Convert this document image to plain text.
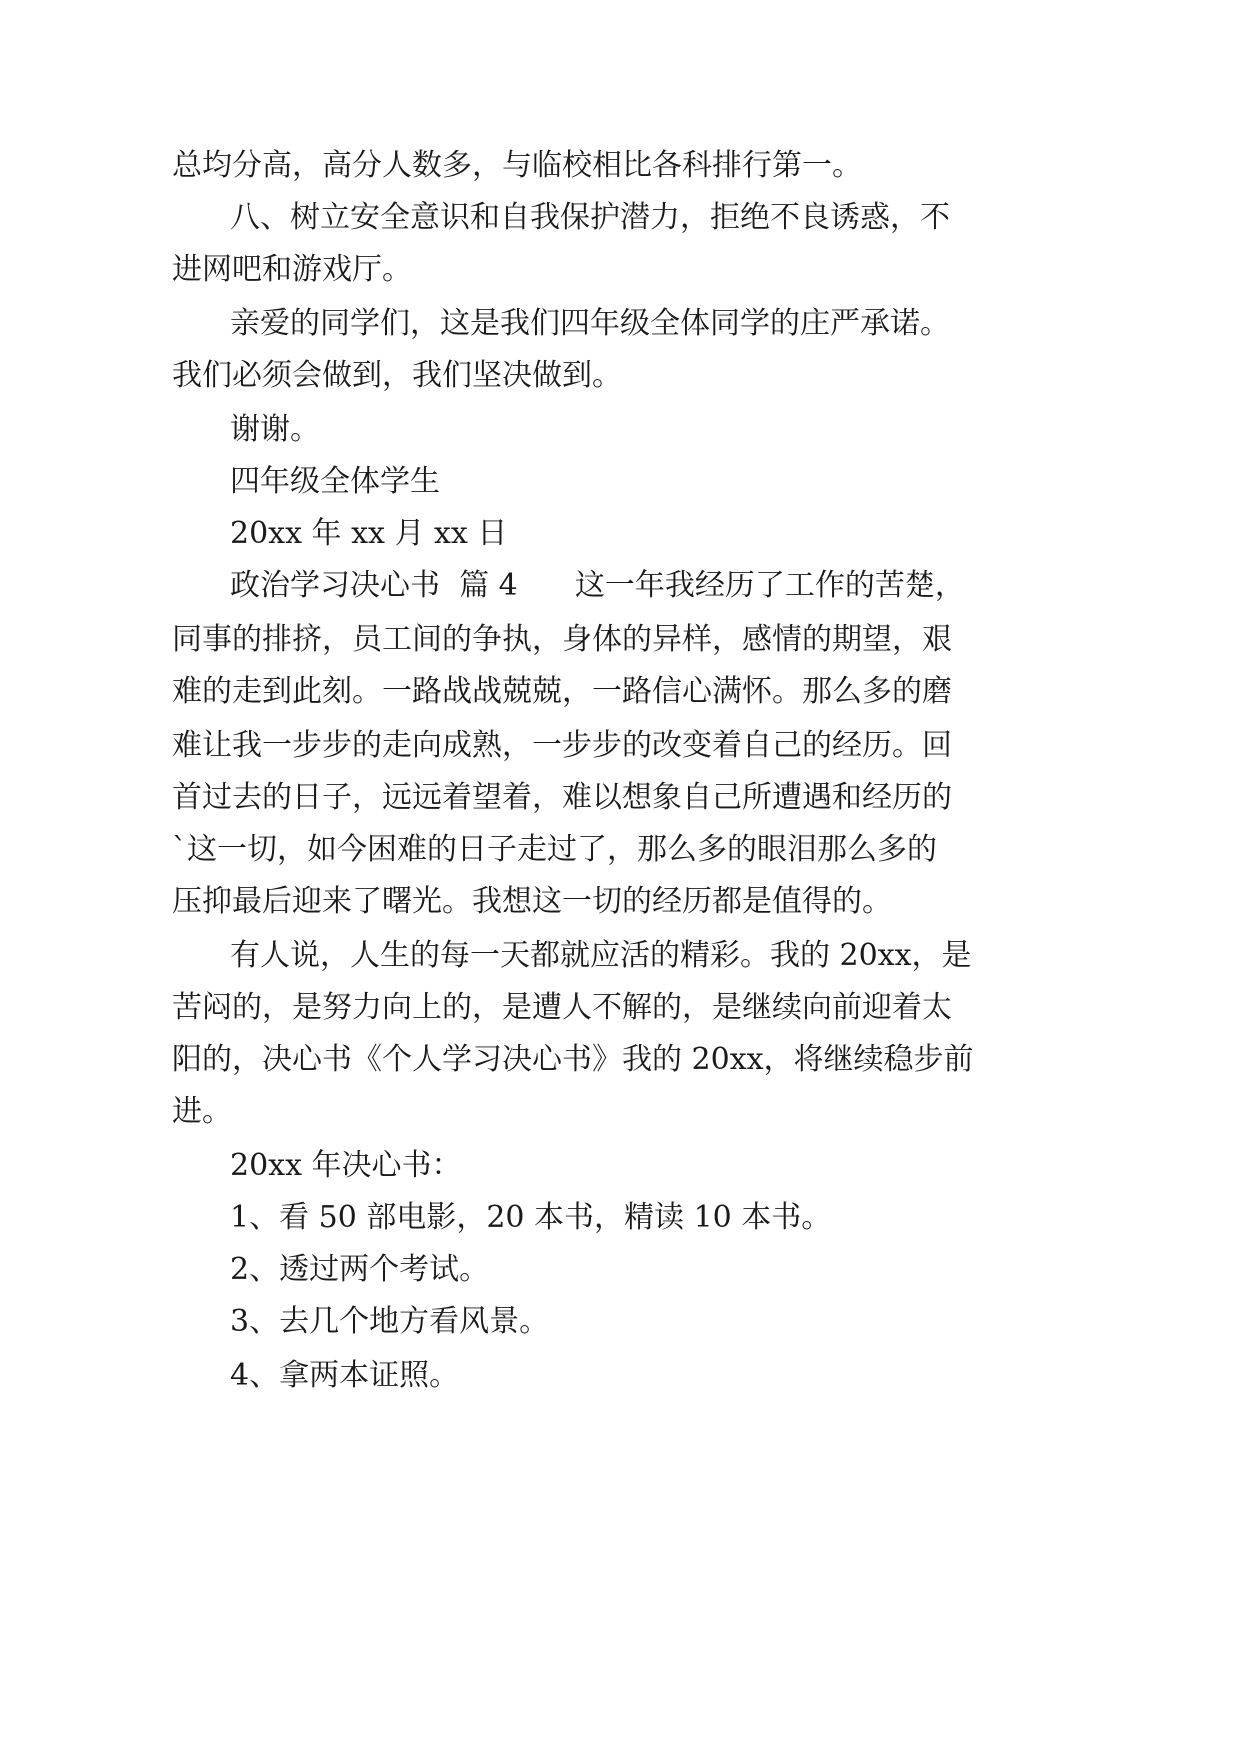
总均分高，高分人数多，与临校相比各科排行第一。

八、树立安全意识和自我保护潜力，拒绝不良诱惑，不

进网吧和游戏厅。

亲爱的同学们，这是我们四年级全体同学的庄严承诺。

我们必须会做到，我们坚决做到。

谢谢。

四年级全体学生

20xx 年 xx 月 xx 日

政治学习决心书  篇 4      这一年我经历了工作的苦楚，

同事的排挤，员工间的争执，身体的异样，感情的期望，艰

难的走到此刻。一路战战兢兢，一路信心满怀。那么多的磨

难让我一步步的走向成熟，一步步的改变着自己的经历。回

首过去的日子，远远着望着，难以想象自己所遭遇和经历的

`这一切，如今困难的日子走过了，那么多的眼泪那么多的

压抑最后迎来了曙光。我想这一切的经历都是值得的。

有人说，人生的每一天都就应活的精彩。我的 20xx，是

苦闷的，是努力向上的，是遭人不解的，是继续向前迎着太

阳的，决心书《个人学习决心书》我的 20xx，将继续稳步前

进。

20xx 年决心书：

1、看 50 部电影，20 本书，精读 10 本书。

2、透过两个考试。

3、去几个地方看风景。

4、拿两本证照。
